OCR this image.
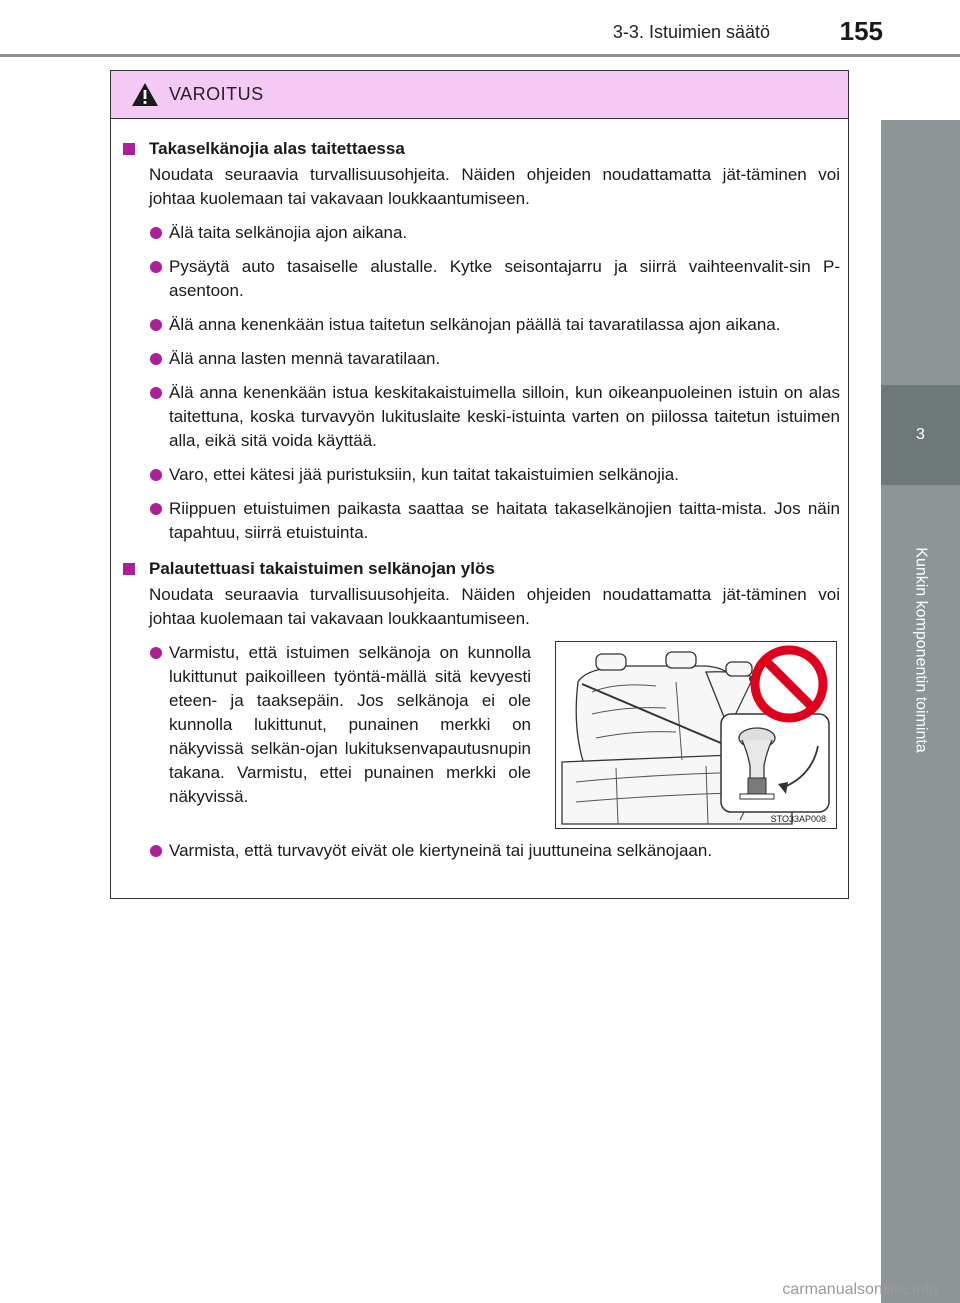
3-3. Istuimien säätö	155
3
Kunkin komponentin toiminta
VAROITUS
Takaselkänojia alas taitettaessa
Noudata seuraavia turvallisuusohjeita. Näiden ohjeiden noudattamatta jät-täminen voi johtaa kuolemaan tai vakavaan loukkaantumiseen.
Älä taita selkänojia ajon aikana.
Pysäytä auto tasaiselle alustalle. Kytke seisontajarru ja siirrä vaihteenvalit-sin P-asentoon.
Älä anna kenenkään istua taitetun selkänojan päällä tai tavaratilassa ajon aikana.
Älä anna lasten mennä tavaratilaan.
Älä anna kenenkään istua keskitakaistuimella silloin, kun oikeanpuoleinen istuin on alas taitettuna, koska turvavyön lukituslaite keski-istuinta varten on piilossa taitetun istuimen alla, eikä sitä voida käyttää.
Varo, ettei kätesi jää puristuksiin, kun taitat takaistuimien selkänojia.
Riippuen etuistuimen paikasta saattaa se haitata takaselkänojien taitta-mista. Jos näin tapahtuu, siirrä etuistuinta.
Palautettuasi takaistuimen selkänojan ylös
Noudata seuraavia turvallisuusohjeita. Näiden ohjeiden noudattamatta jät-täminen voi johtaa kuolemaan tai vakavaan loukkaantumiseen.
Varmistu, että istuimen selkänoja on kunnolla lukittunut paikoilleen työntä-mällä sitä kevyesti eteen- ja taaksepäin. Jos selkänoja ei ole kunnolla lukittunut, punainen merkki on näkyvissä selkän-ojan lukituksenvapautusnupin takana. Varmistu, ettei punainen merkki ole näkyvissä.
STO33AP008
Varmista, että turvavyöt eivät ole kiertyneinä tai juuttuneina selkänojaan.
carmanualsonline.info
